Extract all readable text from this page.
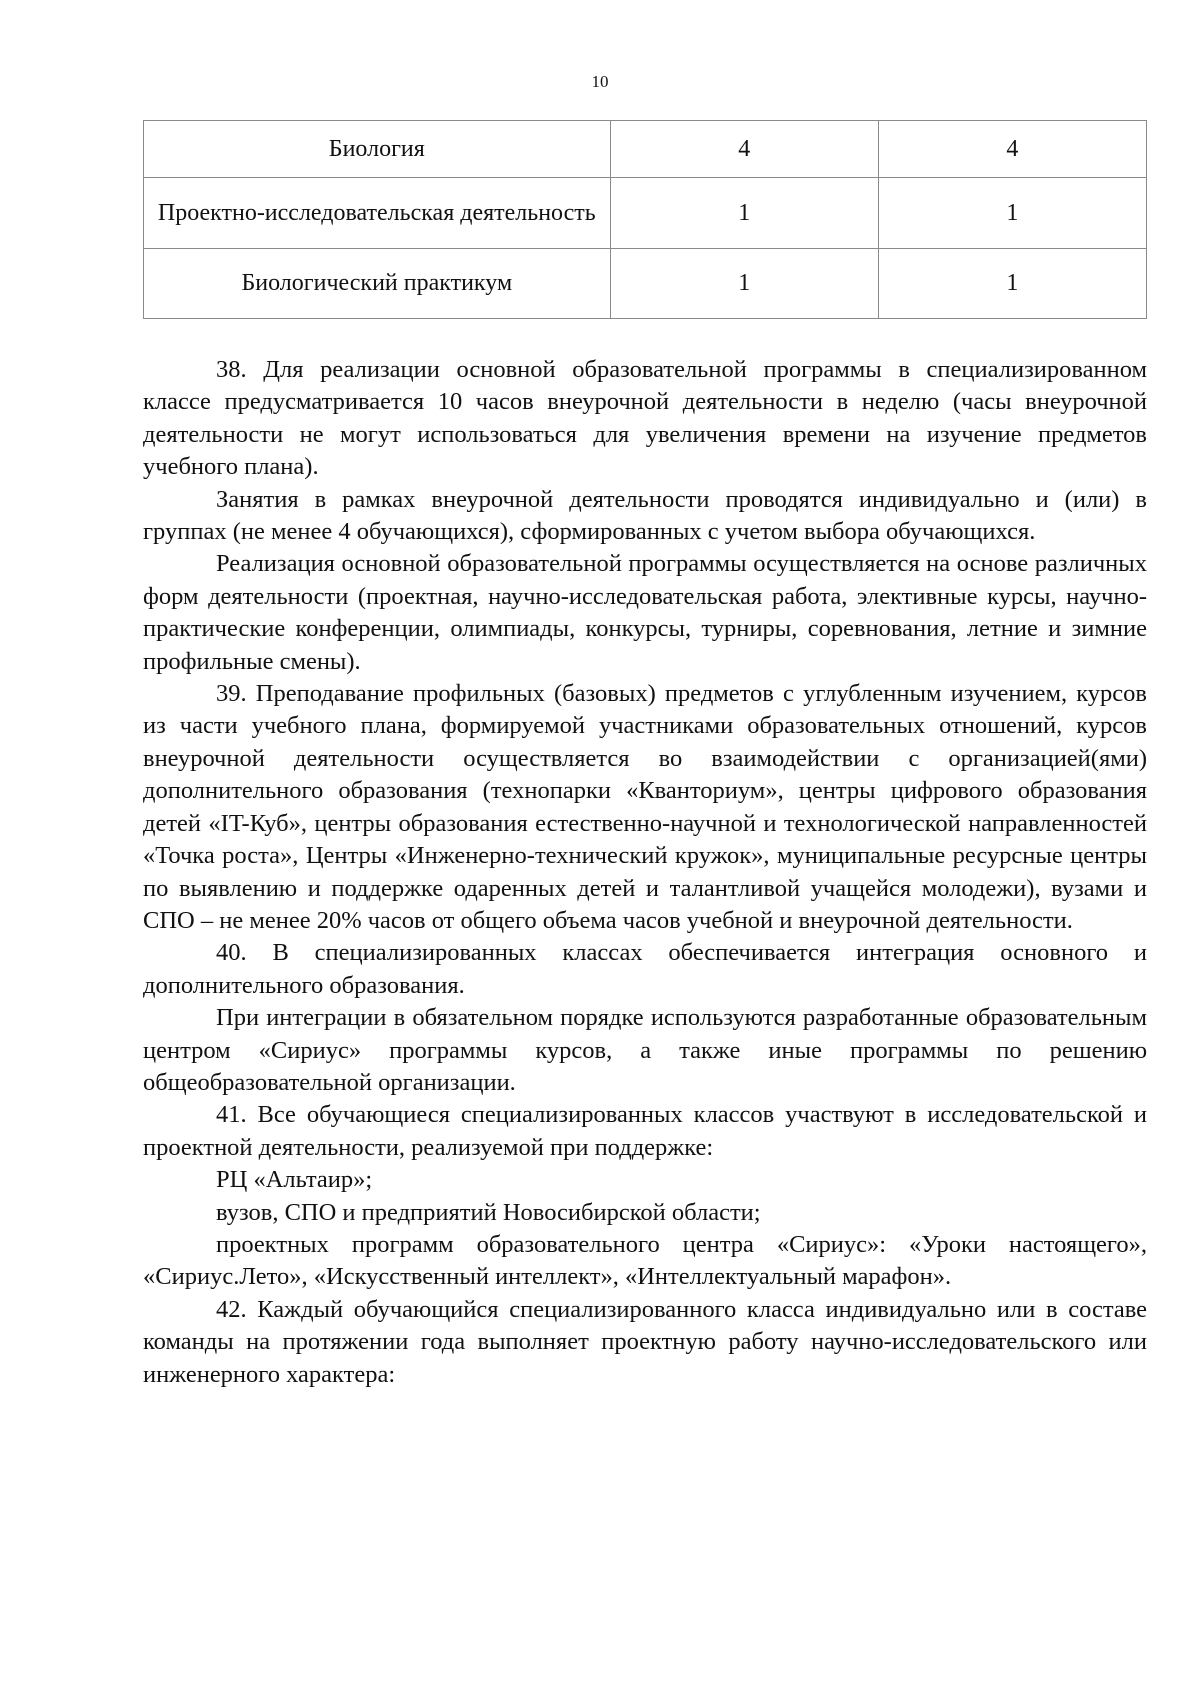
10
Биология	4	4
Проектно-исследовательская деятельность	1	1
Биологический практикум	1	1

38. Для реализации основной образовательной программы в специализированном классе предусматривается 10 часов внеурочной деятельности в неделю (часы внеурочной деятельности не могут использоваться для увеличения времени на изучение предметов учебного плана).

Занятия в рамках внеурочной деятельности проводятся индивидуально и (или) в группах (не менее 4 обучающихся), сформированных с учетом выбора обучающихся.

Реализация основной образовательной программы осуществляется на основе различных форм деятельности (проектная, научно-исследовательская работа, элективные курсы, научно-практические конференции, олимпиады, конкурсы, турниры, соревнования, летние и зимние профильные смены).

39. Преподавание профильных (базовых) предметов с углубленным изучением, курсов из части учебного плана, формируемой участниками образовательных отношений, курсов внеурочной деятельности осуществляется во взаимодействии с организацией(ями) дополнительного образования (технопарки «Кванториум», центры цифрового образования детей «IT-Куб», центры образования естественно-научной и технологической направленностей «Точка роста», Центры «Инженерно-технический кружок», муниципальные ресурсные центры по выявлению и поддержке одаренных детей и талантливой учащейся молодежи), вузами и СПО – не менее 20% часов от общего объема часов учебной и внеурочной деятельности.

40. В специализированных классах обеспечивается интеграция основного и дополнительного образования.

При интеграции в обязательном порядке используются разработанные образовательным центром «Сириус» программы курсов, а также иные программы по решению общеобразовательной организации.

41. Все обучающиеся специализированных классов участвуют в исследовательской и проектной деятельности, реализуемой при поддержке:

РЦ «Альтаир»;

вузов, СПО и предприятий Новосибирской области;

проектных программ образовательного центра «Сириус»: «Уроки настоящего», «Сириус.Лето», «Искусственный интеллект», «Интеллектуальный марафон».

42. Каждый обучающийся специализированного класса индивидуально или в составе команды на протяжении года выполняет проектную работу научно-исследовательского или инженерного характера:
